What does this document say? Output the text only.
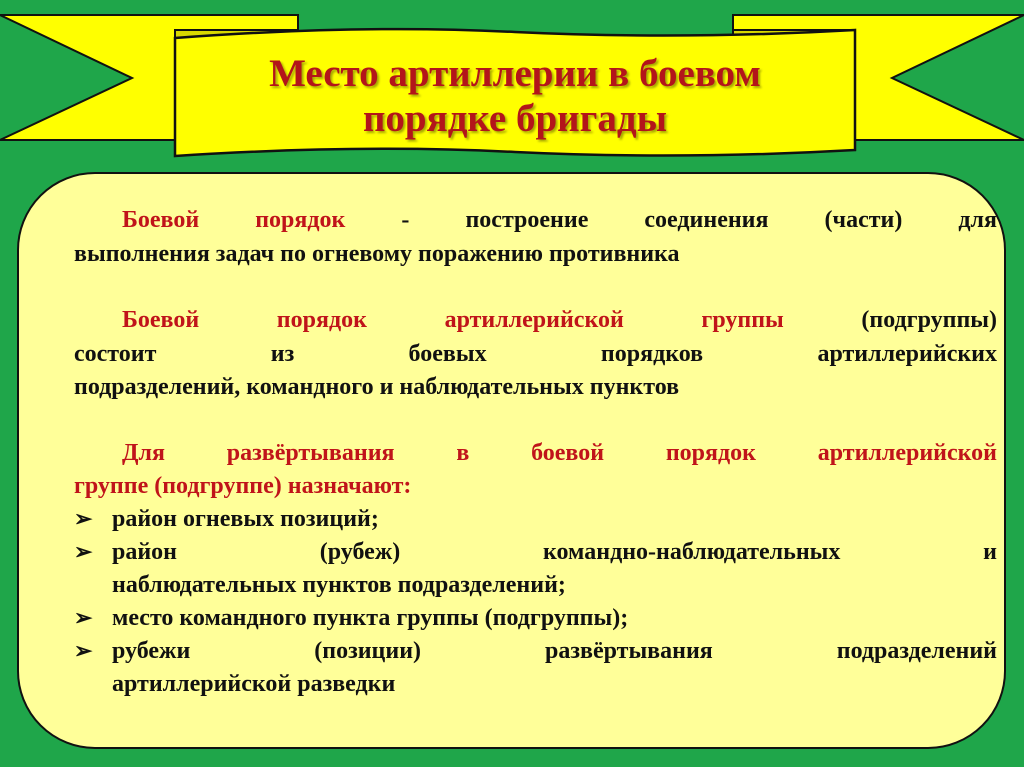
Место артиллерии в боевом
порядке бригады
Боевой порядок - построение соединения (части) для
выполнения задач по огневому поражению противника
Боевой порядок артиллерийской группы (подгруппы)
состоит из боевых порядков артиллерийских
подразделений, командного и наблюдательных пунктов
Для развёртывания в боевой порядок артиллерийской
группе (подгруппе) назначают:
➢ район огневых позиций;
➢ район (рубеж) командно-наблюдательных и
наблюдательных пунктов подразделений;
➢ место командного пункта группы (подгруппы);
➢ рубежи (позиции) развёртывания подразделений
артиллерийской разведки
